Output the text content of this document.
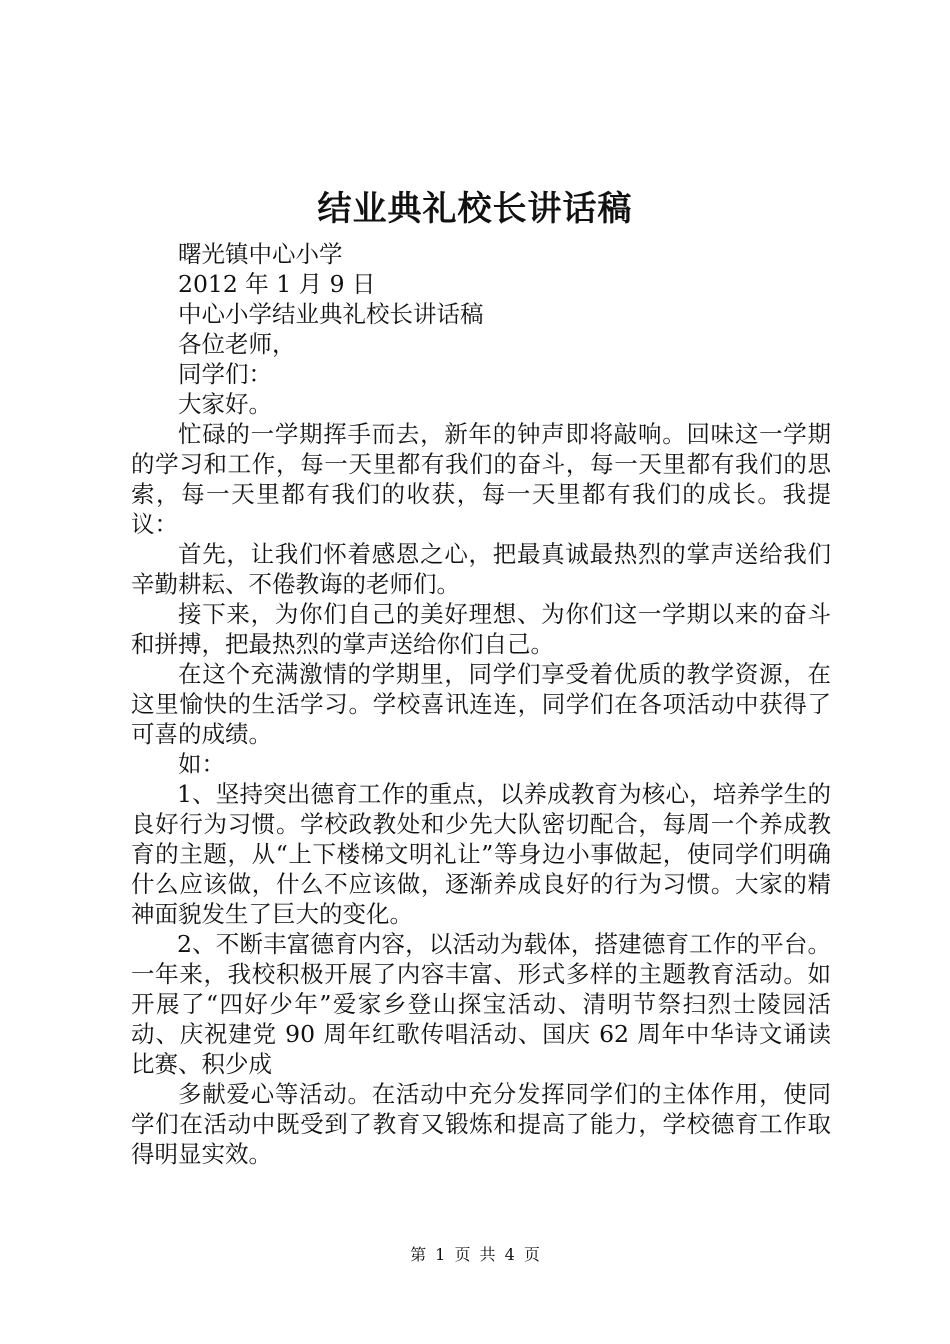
结业典礼校长讲话稿

曙光镇中心小学

2012 年 1 月 9 日

中心小学结业典礼校长讲话稿

各位老师，

同学们：

大家好。

忙碌的一学期挥手而去，新年的钟声即将敲响。回味这一学期的学习和工作，每一天里都有我们的奋斗，每一天里都有我们的思索，每一天里都有我们的收获，每一天里都有我们的成长。我提议：

首先，让我们怀着感恩之心，把最真诚最热烈的掌声送给我们辛勤耕耘、不倦教诲的老师们。

接下来，为你们自己的美好理想、为你们这一学期以来的奋斗和拼搏，把最热烈的掌声送给你们自己。

在这个充满激情的学期里，同学们享受着优质的教学资源，在这里愉快的生活学习。学校喜讯连连，同学们在各项活动中获得了可喜的成绩。

如：

1、坚持突出德育工作的重点，以养成教育为核心，培养学生的良好行为习惯。学校政教处和少先大队密切配合，每周一个养成教育的主题，从“上下楼梯文明礼让”等身边小事做起，使同学们明确什么应该做，什么不应该做，逐渐养成良好的行为习惯。大家的精神面貌发生了巨大的变化。

2、不断丰富德育内容，以活动为载体，搭建德育工作的平台。一年来，我校积极开展了内容丰富、形式多样的主题教育活动。如开展了“四好少年”爱家乡登山探宝活动、清明节祭扫烈士陵园活动、庆祝建党 90 周年红歌传唱活动、国庆 62 周年中华诗文诵读比赛、积少成

多献爱心等活动。在活动中充分发挥同学们的主体作用，使同学们在活动中既受到了教育又锻炼和提高了能力，学校德育工作取得明显实效。

第 1 页 共 4 页
